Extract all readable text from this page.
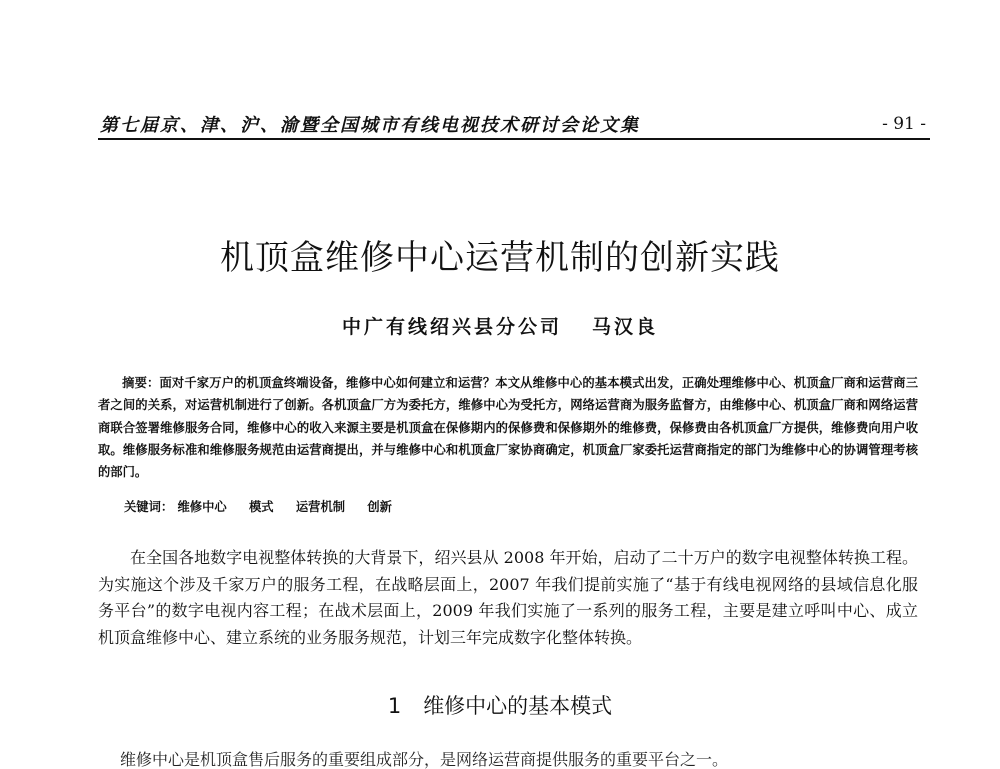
第七届京、津、沪、渝暨全国城市有线电视技术研讨会论文集	- 91 -
机顶盒维修中心运营机制的创新实践
中广有线绍兴县分公司 马汉良
摘要：面对千家万户的机顶盒终端设备，维修中心如何建立和运营？本文从维修中心的基本模式出发，正确处理维修中心、机顶盒厂商和运营商三者之间的关系，对运营机制进行了创新。各机顶盒厂方为委托方，维修中心为受托方，网络运营商为服务监督方，由维修中心、机顶盒厂商和网络运营商联合签署维修服务合同，维修中心的收入来源主要是机顶盒在保修期内的保修费和保修期外的维修费，保修费由各机顶盒厂方提供，维修费向用户收取。维修服务标准和维修服务规范由运营商提出，并与维修中心和机顶盒厂家协商确定，机顶盒厂家委托运营商指定的部门为维修中心的协调管理考核的部门。
关键词： 维修中心 模式 运营机制 创新
在全国各地数字电视整体转换的大背景下，绍兴县从 2008 年开始，启动了二十万户的数字电视整体转换工程。为实施这个涉及千家万户的服务工程，在战略层面上，2007 年我们提前实施了“基于有线电视网络的县域信息化服务平台”的数字电视内容工程；在战术层面上，2009 年我们实施了一系列的服务工程，主要是建立呼叫中心、成立机顶盒维修中心、建立系统的业务服务规范，计划三年完成数字化整体转换。
1 维修中心的基本模式
维修中心是机顶盒售后服务的重要组成部分，是网络运营商提供服务的重要平台之一。
